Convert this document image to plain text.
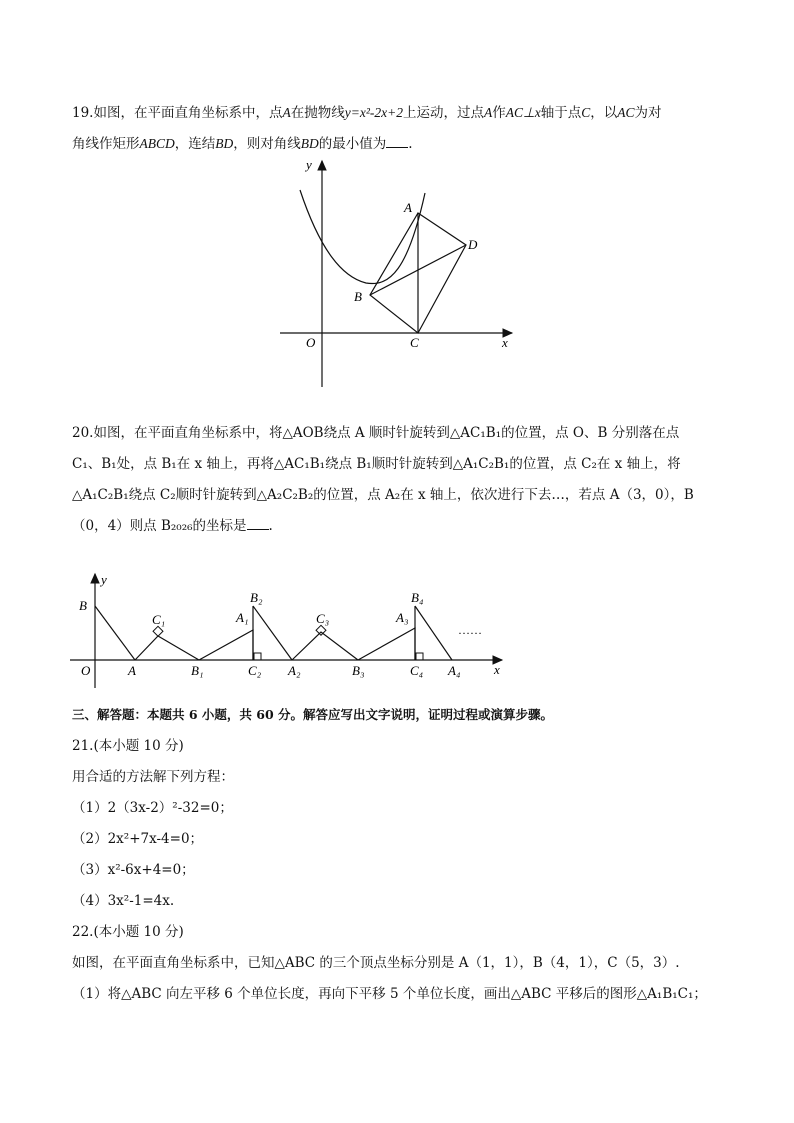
19.如图，在平面直角坐标系中，点A在抛物线y=x²-2x+2上运动，过点A作AC⊥x轴于点C，以AC为对
角线作矩形ABCD，连结BD，则对角线BD的最小值为 .
y
A
D
B
O	C	x
20.如图，在平面直角坐标系中，将△AOB绕点 A 顺时针旋转到△AC₁B₁的位置，点 O、B 分别落在点
C₁、B₁处，点 B₁在 x 轴上，再将△AC₁B₁绕点 B₁顺时针旋转到△A₁C₂B₁的位置，点 C₂在 x 轴上，将
△A₁C₂B₁绕点 C₂顺时针旋转到△A₂C₂B₂的位置，点 A₂在 x 轴上，依次进行下去…，若点 A（3，0），B
（0，4）则点 B₂₀₂₆的坐标是 .
y
x
B
O	A
C₁
B₁
B₂
A₁
C₂ A₂
C₃
B₃
B₄
A₃
C₄ A₄
……
三、解答题：本题共 6 小题，共 60 分。解答应写出文字说明，证明过程或演算步骤。
21.(本小题 10 分)
用合适的方法解下列方程：
（1）2（3x-2）²-32=0；
（2）2x²+7x-4=0；
（3）x²-6x+4=0；
（4）3x²-1=4x.
22.(本小题 10 分)
如图，在平面直角坐标系中，已知△ABC 的三个顶点坐标分别是 A（1，1），B（4，1），C（5，3）.
（1）将△ABC 向左平移 6 个单位长度，再向下平移 5 个单位长度，画出△ABC 平移后的图形△A₁B₁C₁；
